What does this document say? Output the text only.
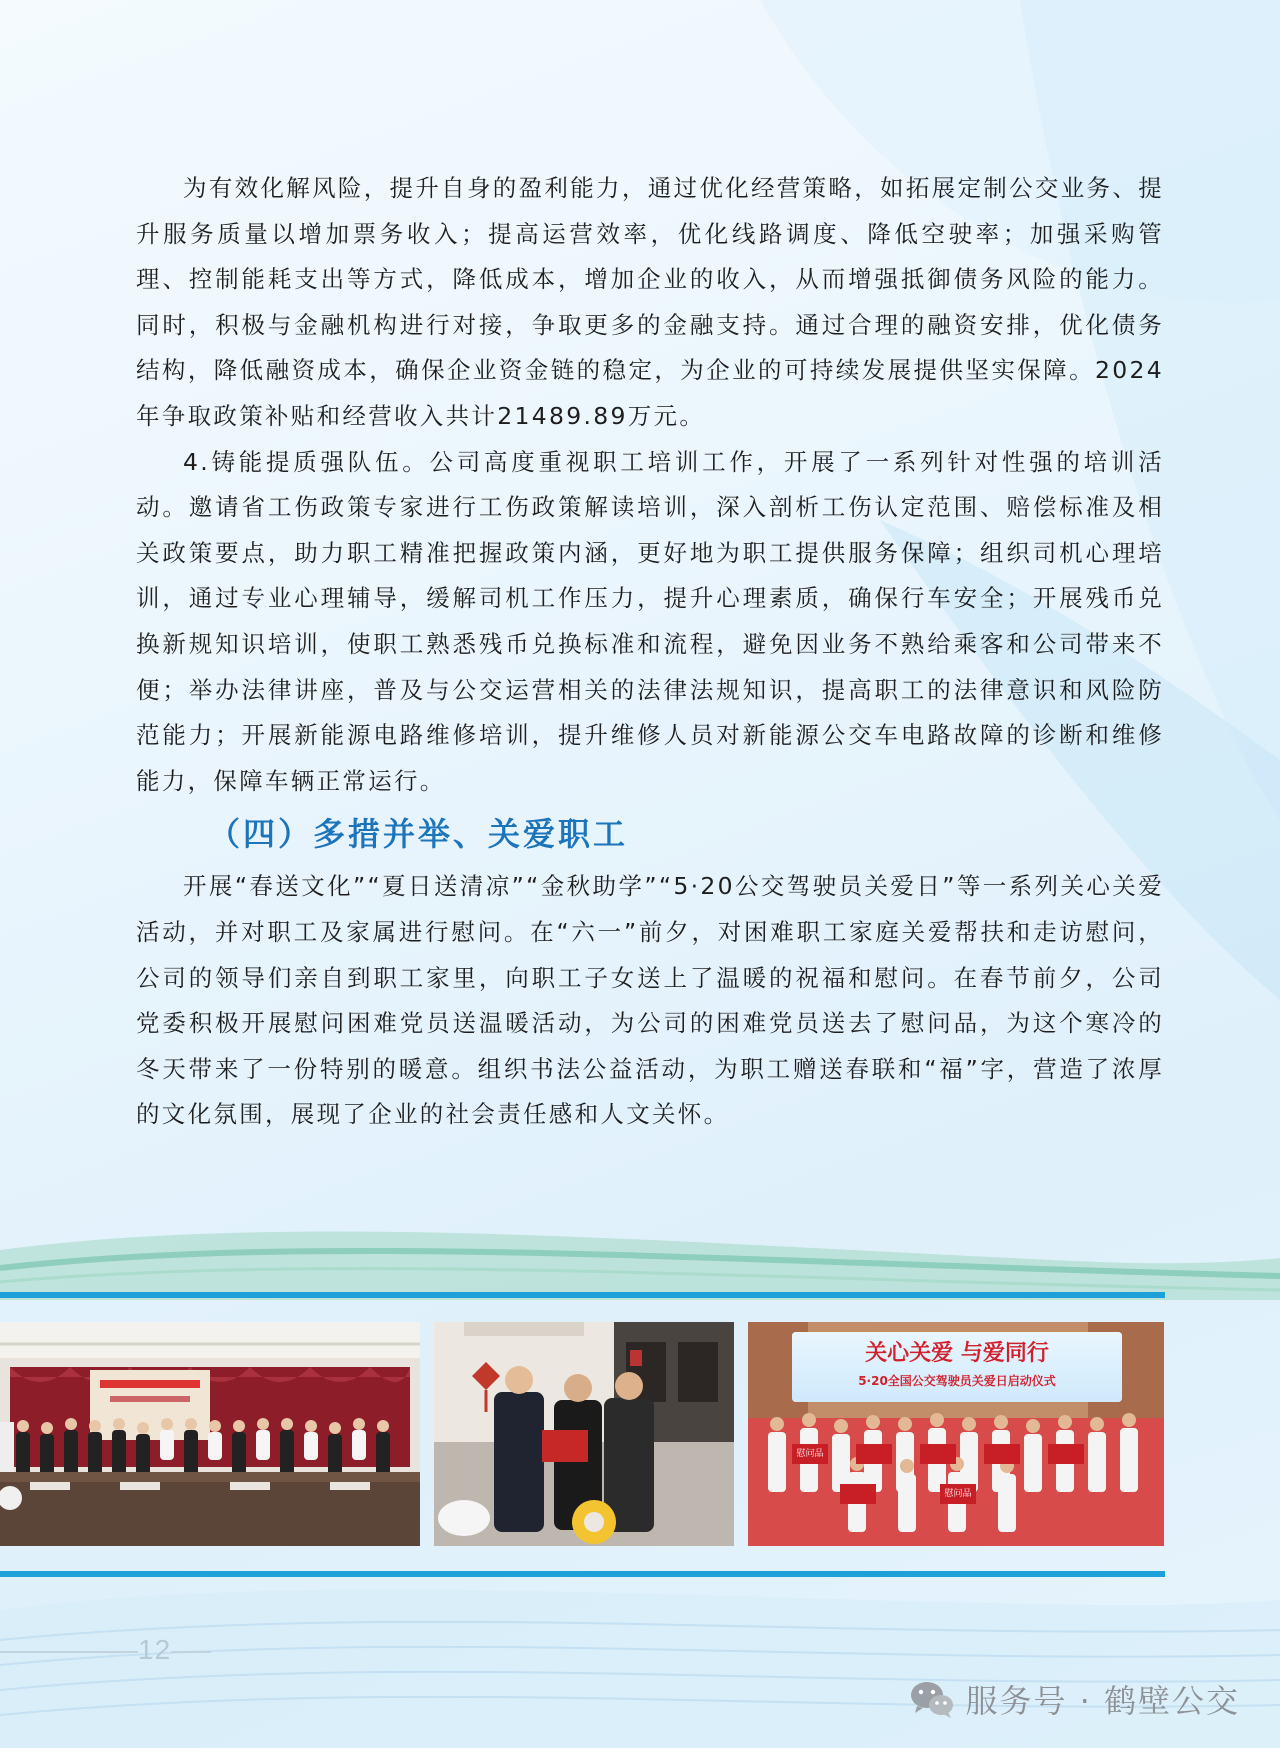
为有效化解风险，提升自身的盈利能力，通过优化经营策略，如拓展定制公交业务、提升服务质量以增加票务收入；提高运营效率，优化线路调度、降低空驶率；加强采购管理、控制能耗支出等方式，降低成本，增加企业的收入，从而增强抵御债务风险的能力。同时，积极与金融机构进行对接，争取更多的金融支持。通过合理的融资安排，优化债务结构，降低融资成本，确保企业资金链的稳定，为企业的可持续发展提供坚实保障。2024年争取政策补贴和经营收入共计21489.89万元。

4.铸能提质强队伍。公司高度重视职工培训工作，开展了一系列针对性强的培训活动。邀请省工伤政策专家进行工伤政策解读培训，深入剖析工伤认定范围、赔偿标准及相关政策要点，助力职工精准把握政策内涵，更好地为职工提供服务保障；组织司机心理培训，通过专业心理辅导，缓解司机工作压力，提升心理素质，确保行车安全；开展残币兑换新规知识培训，使职工熟悉残币兑换标准和流程，避免因业务不熟给乘客和公司带来不便；举办法律讲座，普及与公交运营相关的法律法规知识，提高职工的法律意识和风险防范能力；开展新能源电路维修培训，提升维修人员对新能源公交车电路故障的诊断和维修能力，保障车辆正常运行。

（四）多措并举、关爱职工

开展“春送文化”“夏日送清凉”“金秋助学”“5·20公交驾驶员关爱日”等一系列关心关爱活动，并对职工及家属进行慰问。在“六一”前夕，对困难职工家庭关爱帮扶和走访慰问，公司的领导们亲自到职工家里，向职工子女送上了温暖的祝福和慰问。在春节前夕，公司党委积极开展慰问困难党员送温暖活动，为公司的困难党员送去了慰问品，为这个寒冷的冬天带来了一份特别的暖意。组织书法公益活动，为职工赠送春联和“福”字，营造了浓厚的文化氛围，展现了企业的社会责任感和人文关怀。

关心关爱 与爱同行
5·20全国公交驾驶员关爱日启动仪式
慰问品
慰问品
12
服务号 · 鹤壁公交
